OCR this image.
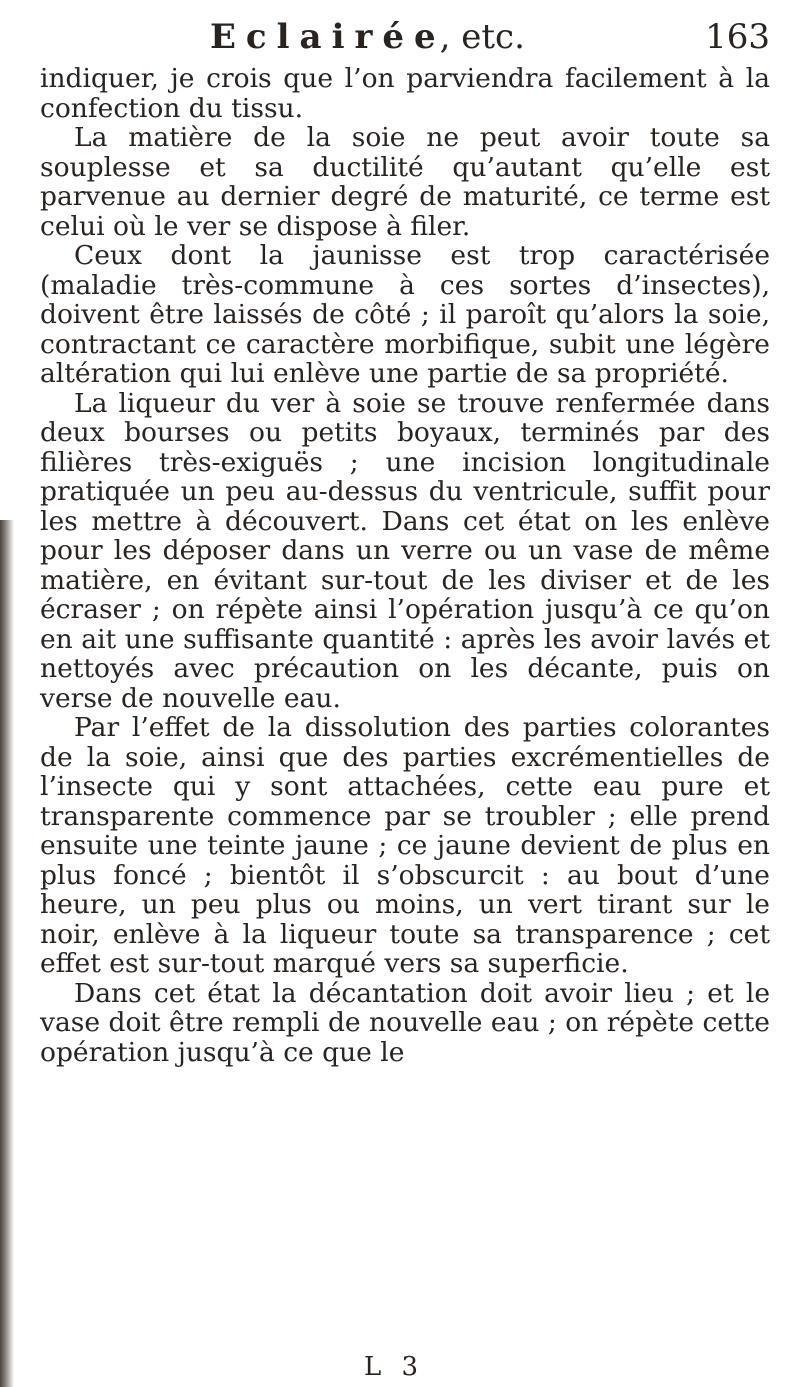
Eclairée, etc.	163

indiquer, je crois que l’on parviendra facilement à la confection du tissu.

La matière de la soie ne peut avoir toute sa souplesse et sa ductilité qu’autant qu’elle est parvenue au dernier degré de maturité, ce terme est celui où le ver se dispose à filer.

Ceux dont la jaunisse est trop caractérisée (maladie très-commune à ces sortes d’insectes), doivent être laissés de côté ; il paroît qu’alors la soie, contractant ce caractère morbifique, subit une légère altération qui lui enlève une partie de sa propriété.

La liqueur du ver à soie se trouve renfermée dans deux bourses ou petits boyaux, terminés par des filières très-exiguës ; une incision longitudinale pratiquée un peu au-dessus du ventricule, suffit pour les mettre à découvert. Dans cet état on les enlève pour les déposer dans un verre ou un vase de même matière, en évitant sur-tout de les diviser et de les écraser ; on répète ainsi l’opération jusqu’à ce qu’on en ait une suffisante quantité : après les avoir lavés et nettoyés avec précaution on les décante, puis on verse de nouvelle eau.

Par l’effet de la dissolution des parties colorantes de la soie, ainsi que des parties excrémentielles de l’insecte qui y sont attachées, cette eau pure et transparente commence par se troubler ; elle prend ensuite une teinte jaune ; ce jaune devient de plus en plus foncé ; bientôt il s’obscurcit : au bout d’une heure, un peu plus ou moins, un vert tirant sur le noir, enlève à la liqueur toute sa transparence ; cet effet est sur-tout marqué vers sa superficie.

Dans cet état la décantation doit avoir lieu ; et le vase doit être rempli de nouvelle eau ; on répète cette opération jusqu’à ce que le

L 3
